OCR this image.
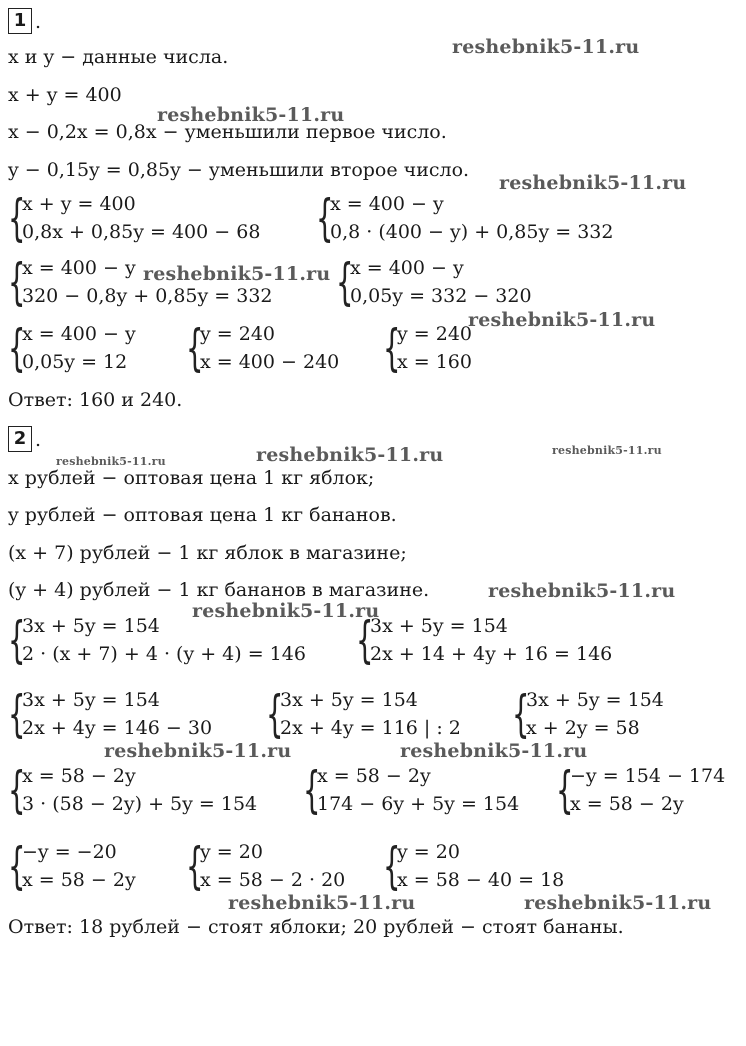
1 .
x и y − данные числа.
x + y = 400
x − 0,2x = 0,8x − уменьшили первое число.
y − 0,15y = 0,85y − уменьшили второе число.
{
x + y = 400
0,8x + 0,85y = 400 − 68 {
x = 400 − y
0,8 · (400 − y) + 0,85y = 332
{
x = 400 − y
320 − 0,8y + 0,85y = 332 {
x = 400 − y
0,05y = 332 − 320
{
x = 400 − y
0,05y = 12 {
y = 240
x = 400 − 240 {
y = 240
x = 160
Ответ: 160 и 240.
2 .
x рублей − оптовая цена 1 кг яблок;
y рублей − оптовая цена 1 кг бананов.
(x + 7) рублей − 1 кг яблок в магазине;
(y + 4) рублей − 1 кг бананов в магазине.
{
3x + 5y = 154
2 · (x + 7) + 4 · (y + 4) = 146 {
3x + 5y = 154
2x + 14 + 4y + 16 = 146
{
3x + 5y = 154
2x + 4y = 146 − 30 {
3x + 5y = 154
2x + 4y = 116 | : 2 {
3x + 5y = 154
x + 2y = 58
{
x = 58 − 2y
3 · (58 − 2y) + 5y = 154 {
x = 58 − 2y
174 − 6y + 5y = 154 {
−y = 154 − 174
x = 58 − 2y
{
−y = −20
x = 58 − 2y {
y = 20
x = 58 − 2 · 20 {
y = 20
x = 58 − 40 = 18
Ответ: 18 рублей − стоят яблоки; 20 рублей − стоят бананы.
reshebnik5-11.ru
reshebnik5-11.ru
reshebnik5-11.ru
reshebnik5-11.ru
reshebnik5-11.ru
reshebnik5-11.ru	reshebnik5-11.ru
reshebnik5-11.ru
reshebnik5-11.ru
reshebnik5-11.ru
reshebnik5-11.ru	reshebnik5-11.ru
reshebnik5-11.ru	reshebnik5-11.ru
